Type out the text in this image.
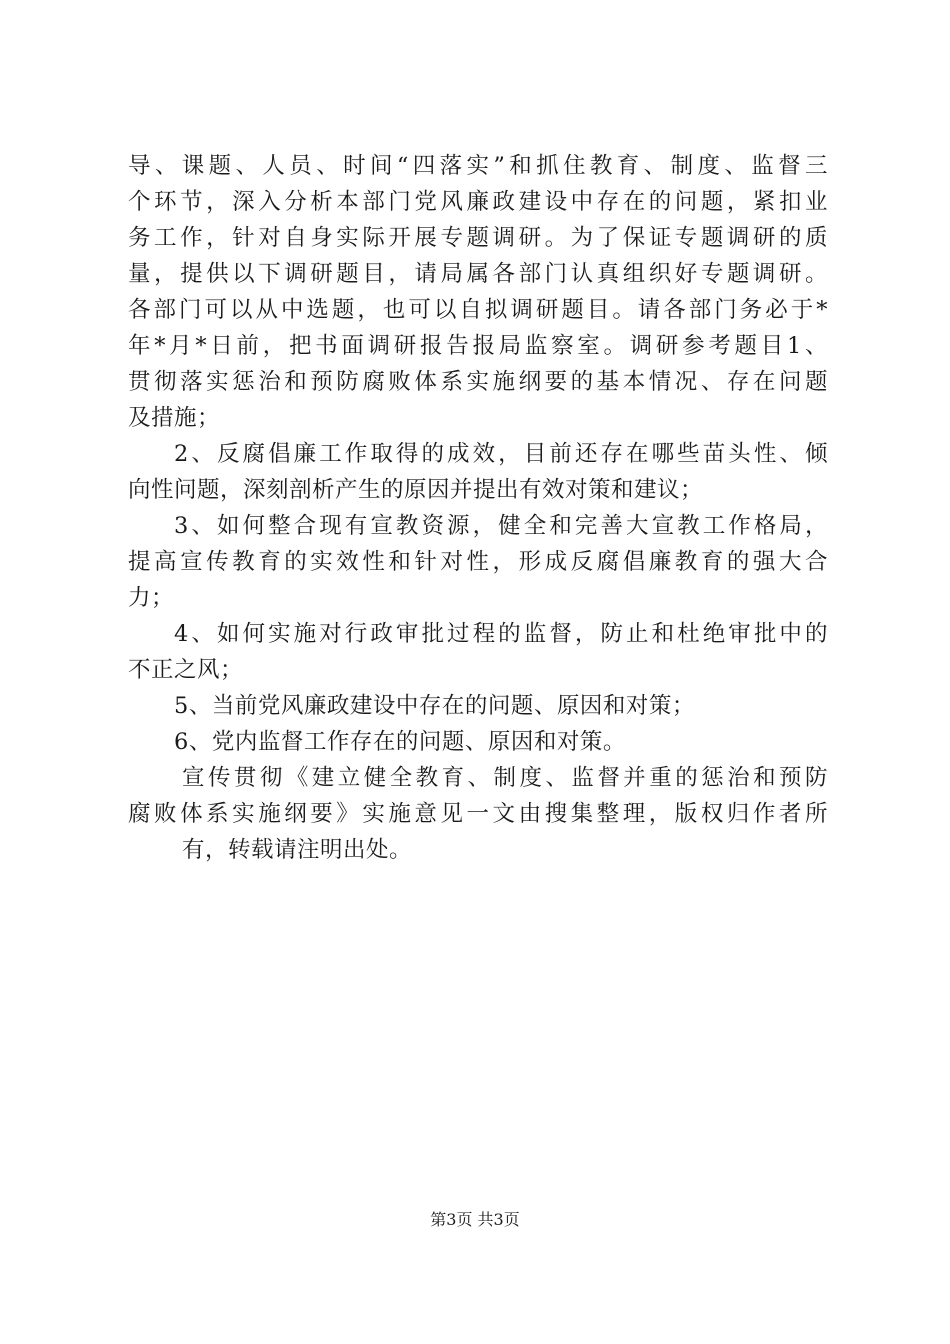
导、课题、人员、时间“四落实”和抓住教育、制度、监督三
个环节，深入分析本部门党风廉政建设中存在的问题，紧扣业
务工作，针对自身实际开展专题调研。为了保证专题调研的质
量，提供以下调研题目，请局属各部门认真组织好专题调研。
各部门可以从中选题，也可以自拟调研题目。请各部门务必于*
年*月*日前，把书面调研报告报局监察室。调研参考题目1、
贯彻落实惩治和预防腐败体系实施纲要的基本情况、存在问题
及措施；
2、反腐倡廉工作取得的成效，目前还存在哪些苗头性、倾
向性问题，深刻剖析产生的原因并提出有效对策和建议；
3、如何整合现有宣教资源，健全和完善大宣教工作格局，
提高宣传教育的实效性和针对性，形成反腐倡廉教育的强大合
力；
4、如何实施对行政审批过程的监督，防止和杜绝审批中的
不正之风；
5、当前党风廉政建设中存在的问题、原因和对策；
6、党内监督工作存在的问题、原因和对策。
宣传贯彻《建立健全教育、制度、监督并重的惩治和预防
腐败体系实施纲要》实施意见一文由搜集整理，版权归作者所
有，转载请注明出处。
第3页 共3页
